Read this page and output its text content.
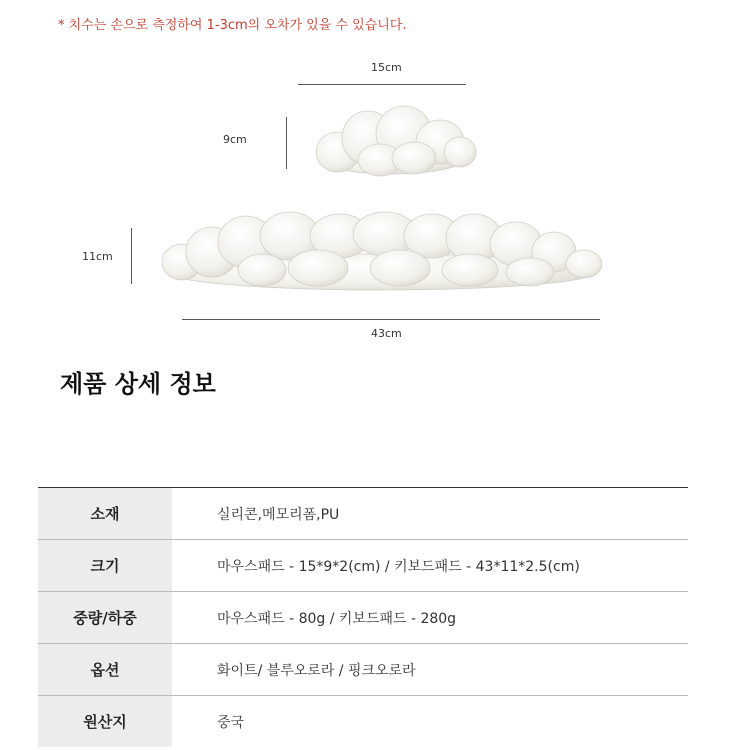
* 치수는 손으로 측정하여 1-3cm의 오차가 있을 수 있습니다.
15cm
9cm
11cm
43cm
제품 상세 정보
소재	실리콘,메모리폼,PU
크기	마우스패드 - 15*9*2(cm) / 키보드패드 - 43*11*2.5(cm)
중량/하중	마우스패드 - 80g / 키보드패드 - 280g
옵션	화이트/ 블루오로라 / 핑크오로라
원산지	중국
